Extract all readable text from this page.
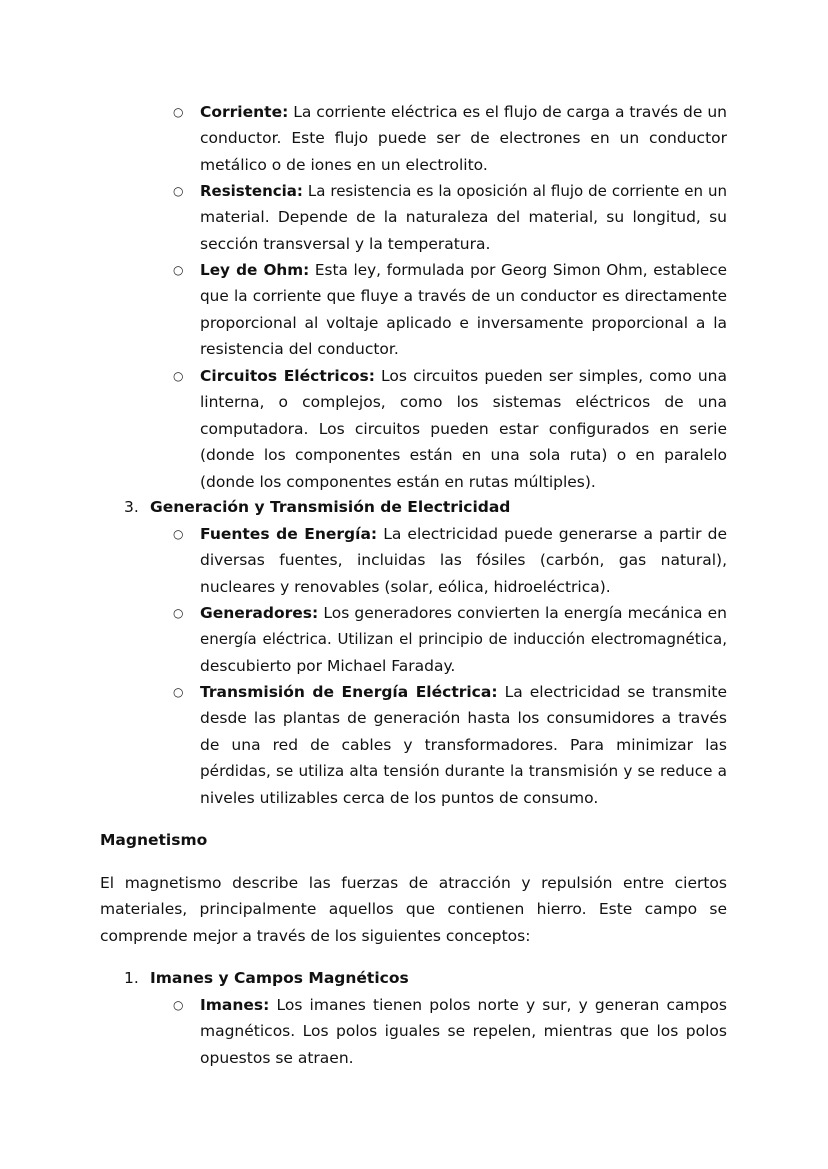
○	Corriente: La corriente eléctrica es el flujo de carga a través de un
conductor. Este flujo puede ser de electrones en un conductor
metálico o de iones en un electrolito.
○	Resistencia: La resistencia es la oposición al flujo de corriente en un
material. Depende de la naturaleza del material, su longitud, su
sección transversal y la temperatura.
○	Ley de Ohm: Esta ley, formulada por Georg Simon Ohm, establece
que la corriente que fluye a través de un conductor es directamente
proporcional al voltaje aplicado e inversamente proporcional a la
resistencia del conductor.
○	Circuitos Eléctricos: Los circuitos pueden ser simples, como una
linterna, o complejos, como los sistemas eléctricos de una
computadora. Los circuitos pueden estar configurados en serie
(donde los componentes están en una sola ruta) o en paralelo
(donde los componentes están en rutas múltiples).
3. Generación y Transmisión de Electricidad
○	Fuentes de Energía: La electricidad puede generarse a partir de
diversas fuentes, incluidas las fósiles (carbón, gas natural),
nucleares y renovables (solar, eólica, hidroeléctrica).
○	Generadores: Los generadores convierten la energía mecánica en
energía eléctrica. Utilizan el principio de inducción electromagnética,
descubierto por Michael Faraday.
○	Transmisión de Energía Eléctrica: La electricidad se transmite
desde las plantas de generación hasta los consumidores a través
de una red de cables y transformadores. Para minimizar las
pérdidas, se utiliza alta tensión durante la transmisión y se reduce a
niveles utilizables cerca de los puntos de consumo.
Magnetismo
El magnetismo describe las fuerzas de atracción y repulsión entre ciertos
materiales, principalmente aquellos que contienen hierro. Este campo se
comprende mejor a través de los siguientes conceptos:
1. Imanes y Campos Magnéticos
○	Imanes: Los imanes tienen polos norte y sur, y generan campos
magnéticos. Los polos iguales se repelen, mientras que los polos
opuestos se atraen.
